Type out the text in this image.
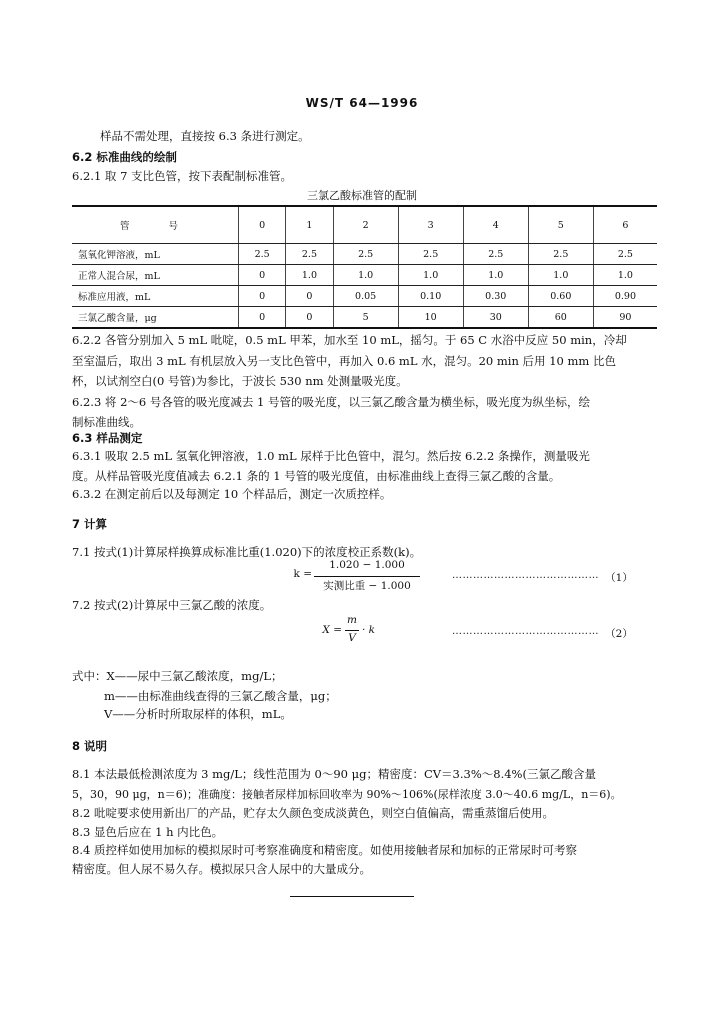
WS/T 64—1996
样品不需处理，直接按 6.3 条进行测定。
6.2 标准曲线的绘制
6.2.1 取 7 支比色管，按下表配制标准管。
三氯乙酸标准管的配制
管 号	0	1	2	3	4	5	6
氢氧化钾溶液，mL	2.5	2.5	2.5	2.5	2.5	2.5	2.5
正常人混合尿，mL	0	1.0	1.0	1.0	1.0	1.0	1.0
标准应用液，mL	0	0	0.05	0.10	0.30	0.60	0.90
三氯乙酸含量，μg	0	0	5	10	30	60	90
6.2.2 各管分别加入 5 mL 吡啶，0.5 mL 甲苯，加水至 10 mL，摇匀。于 65 C 水浴中反应 50 min，冷却
至室温后，取出 3 mL 有机层放入另一支比色管中，再加入 0.6 mL 水，混匀。20 min 后用 10 mm 比色
杯，以试剂空白(0 号管)为参比，于波长 530 nm 处测量吸光度。
6.2.3 将 2～6 号各管的吸光度减去 1 号管的吸光度，以三氯乙酸含量为横坐标，吸光度为纵坐标，绘
制标准曲线。
6.3 样品测定
6.3.1 吸取 2.5 mL 氢氧化钾溶液，1.0 mL 尿样于比色管中，混匀。然后按 6.2.2 条操作，测量吸光
度。从样品管吸光度值减去 6.2.1 条的 1 号管的吸光度值，由标准曲线上查得三氯乙酸的含量。
6.3.2 在测定前后以及每测定 10 个样品后，测定一次质控样。
7 计算
7.1 按式(1)计算尿样换算成标准比重(1.020)下的浓度校正系数(k)。
k =
1.020 − 1.000
实测比重 − 1.000
…………………………………… （1）
7.2 按式(2)计算尿中三氯乙酸的浓度。
X =
m
V
· k	…………………………………… （2）
式中：X——尿中三氯乙酸浓度，mg/L；
m——由标准曲线查得的三氯乙酸含量，μg；
V——分析时所取尿样的体积，mL。
8 说明
8.1 本法最低检测浓度为 3 mg/L；线性范围为 0～90 μg；精密度：CV＝3.3%～8.4%(三氯乙酸含量
5，30，90 μg，n＝6)；准确度：接触者尿样加标回收率为 90%～106%(尿样浓度 3.0～40.6 mg/L，n＝6)。
8.2 吡啶要求使用新出厂的产品，贮存太久颜色变成淡黄色，则空白值偏高，需重蒸馏后使用。
8.3 显色后应在 1 h 内比色。
8.4 质控样如使用加标的模拟尿时可考察准确度和精密度。如使用接触者尿和加标的正常尿时可考察
精密度。但人尿不易久存。模拟尿只含人尿中的大量成分。
